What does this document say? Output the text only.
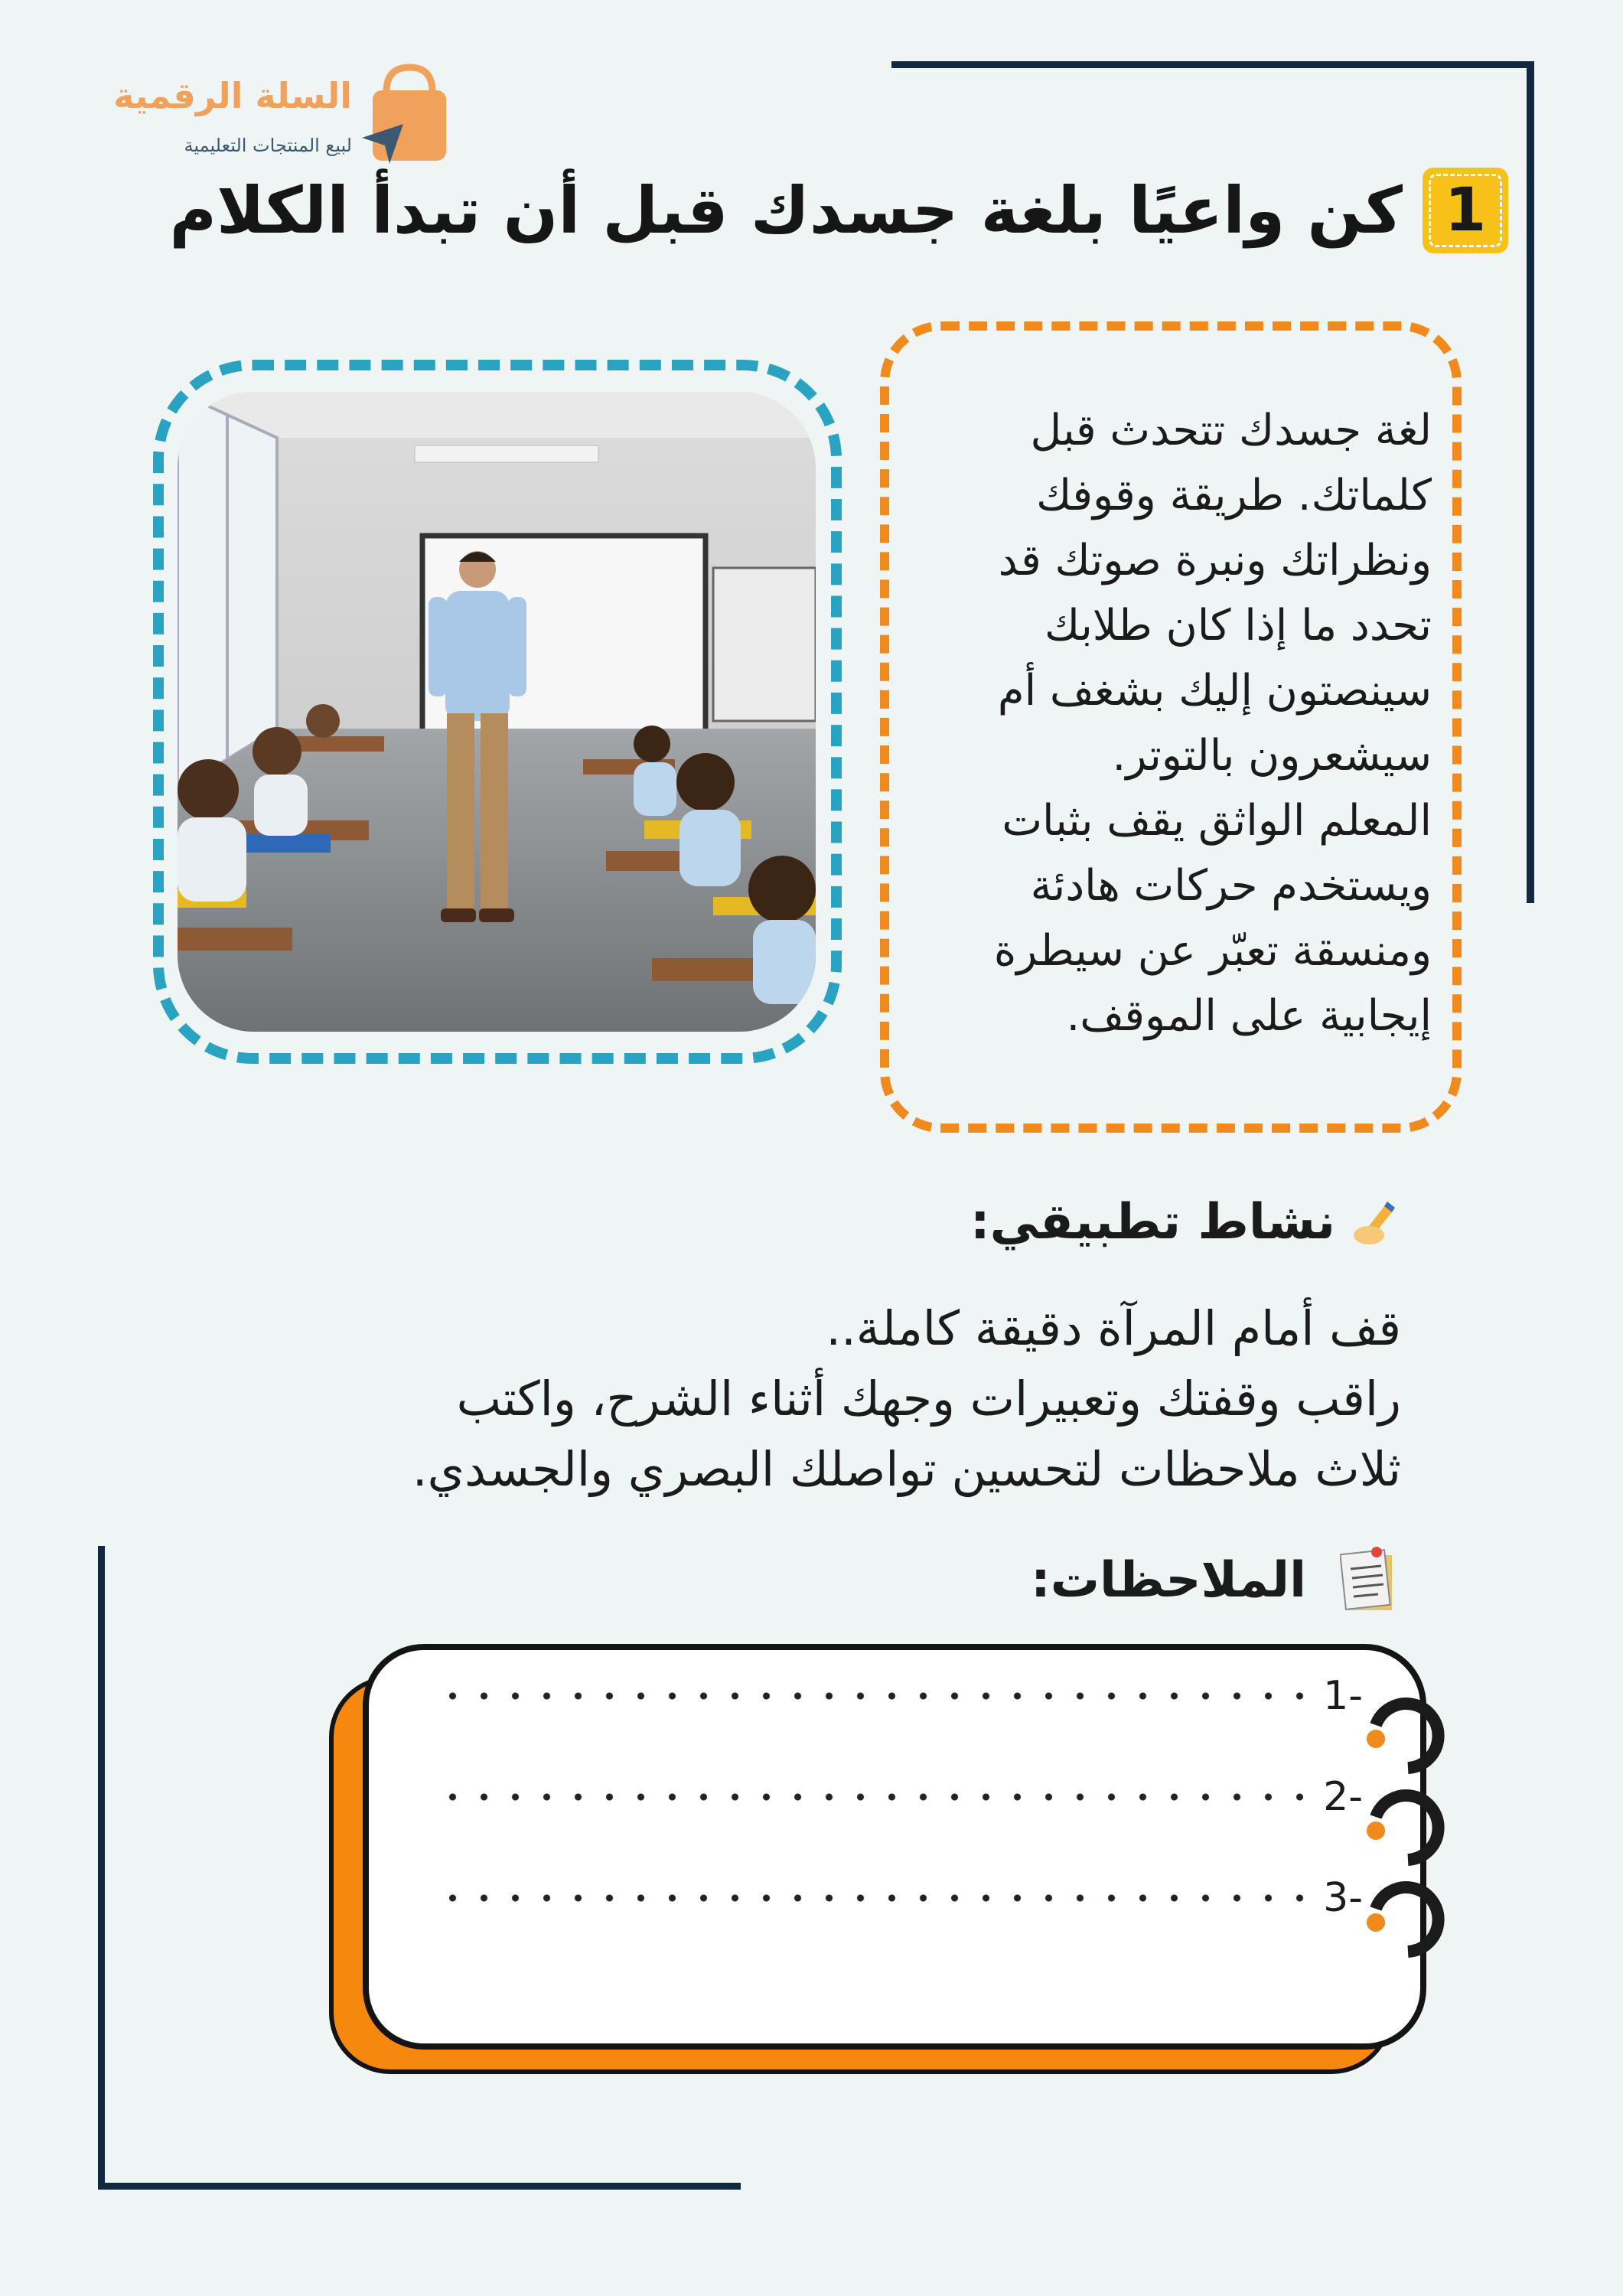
السلة الرقمية
لبيع المنتجات التعليمية
1
كن واعيًا بلغة جسدك قبل أن تبدأ الكلام
لغة جسدك تتحدث قبل
كلماتك. طريقة وقوفك
ونظراتك ونبرة صوتك قد
تحدد ما إذا كان طلابك
سينصتون إليك بشغف أم
سيشعرون بالتوتر.
المعلم الواثق يقف بثبات
ويستخدم حركات هادئة
ومنسقة تعبّر عن سيطرة
إيجابية على الموقف.
نشاط تطبيقي:
قف أمام المرآة دقيقة كاملة..
راقب وقفتك وتعبيرات وجهك أثناء الشرح، واكتب
ثلاث ملاحظات لتحسين تواصلك البصري والجسدي.
الملاحظات:
-1
-2
-3
